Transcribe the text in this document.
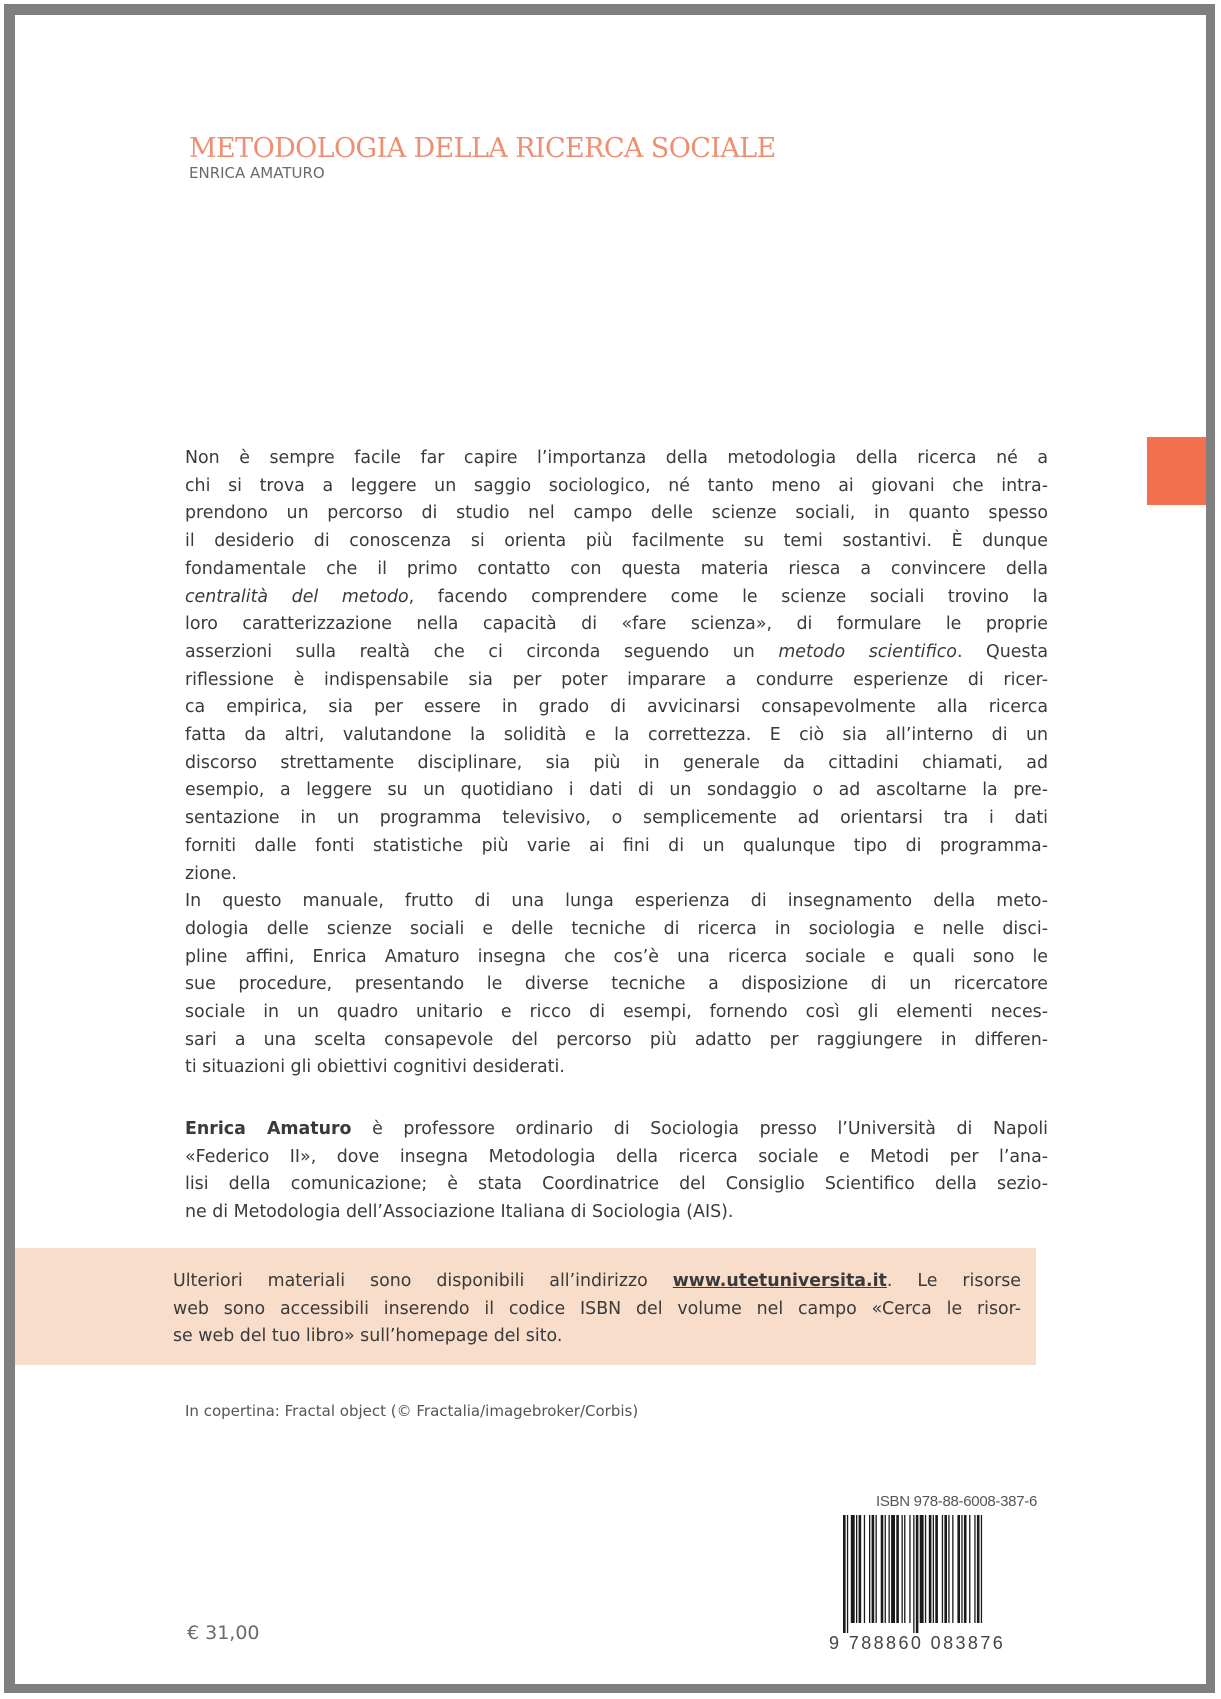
METODOLOGIA DELLA RICERCA SOCIALE

ENRICA AMATURO

Non è sempre facile far capire l’importanza della metodologia della ricerca né a
chi si trova a leggere un saggio sociologico, né tanto meno ai giovani che intra-
prendono un percorso di studio nel campo delle scienze sociali, in quanto spesso
il desiderio di conoscenza si orienta più facilmente su temi sostantivi. È dunque
fondamentale che il primo contatto con questa materia riesca a convincere della
centralità del metodo, facendo comprendere come le scienze sociali trovino la
loro caratterizzazione nella capacità di «fare scienza», di formulare le proprie
asserzioni sulla realtà che ci circonda seguendo un metodo scientifico. Questa
riflessione è indispensabile sia per poter imparare a condurre esperienze di ricer-
ca empirica, sia per essere in grado di avvicinarsi consapevolmente alla ricerca
fatta da altri, valutandone la solidità e la correttezza. E ciò sia all’interno di un
discorso strettamente disciplinare, sia più in generale da cittadini chiamati, ad
esempio, a leggere su un quotidiano i dati di un sondaggio o ad ascoltarne la pre-
sentazione in un programma televisivo, o semplicemente ad orientarsi tra i dati
forniti dalle fonti statistiche più varie ai fini di un qualunque tipo di programma-
zione.
In questo manuale, frutto di una lunga esperienza di insegnamento della meto-
dologia delle scienze sociali e delle tecniche di ricerca in sociologia e nelle disci-
pline affini, Enrica Amaturo insegna che cos’è una ricerca sociale e quali sono le
sue procedure, presentando le diverse tecniche a disposizione di un ricercatore
sociale in un quadro unitario e ricco di esempi, fornendo così gli elementi neces-
sari a una scelta consapevole del percorso più adatto per raggiungere in differen-
ti situazioni gli obiettivi cognitivi desiderati.
Enrica Amaturo è professore ordinario di Sociologia presso l’Università di Napoli
«Federico II», dove insegna Metodologia della ricerca sociale e Metodi per l’ana-
lisi della comunicazione; è stata Coordinatrice del Consiglio Scientifico della sezio-
ne di Metodologia dell’Associazione Italiana di Sociologia (AIS).
Ulteriori materiali sono disponibili all’indirizzo www.utetuniversita.it. Le risorse
web sono accessibili inserendo il codice ISBN del volume nel campo «Cerca le risor-
se web del tuo libro» sull’homepage del sito.
In copertina: Fractal object (© Fractalia/imagebroker/Corbis)
ISBN 978-88-6008-387-6
9 788860 083876
€ 31,00
